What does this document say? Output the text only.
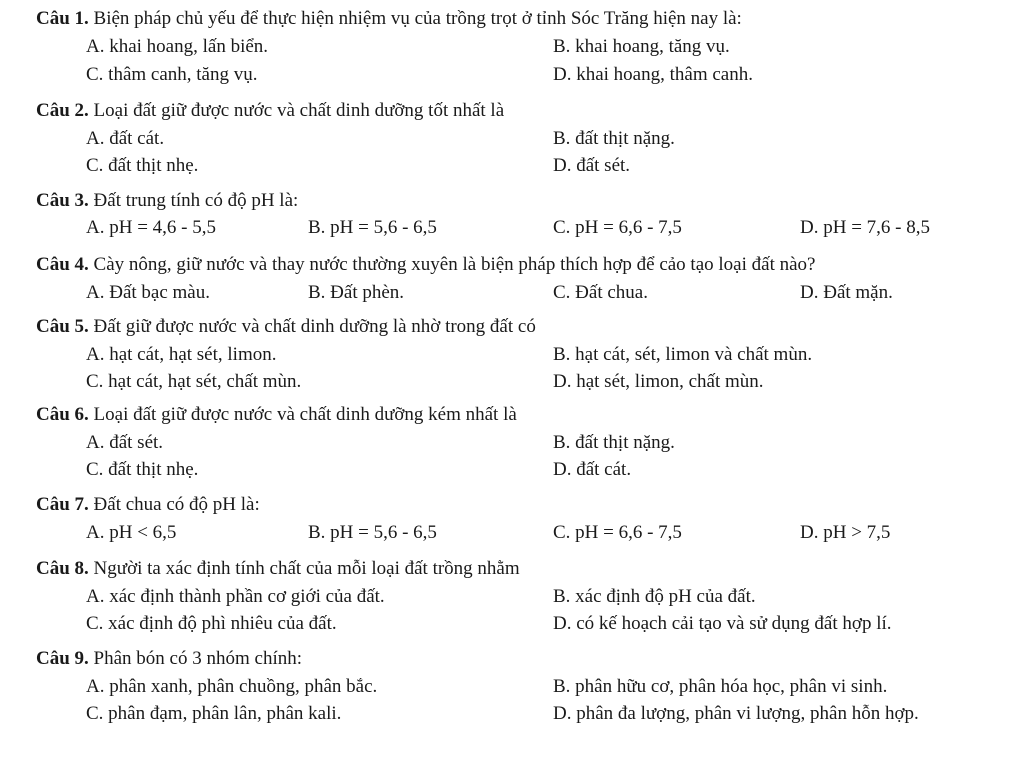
Câu 1. Biện pháp chủ yếu để thực hiện nhiệm vụ của trồng trọt ở tỉnh Sóc Trăng hiện nay là:
A. khai hoang, lấn biển.	B. khai hoang, tăng vụ.
C. thâm canh, tăng vụ.	D. khai hoang, thâm canh.
Câu 2. Loại đất giữ được nước và chất dinh dưỡng tốt nhất là
A. đất cát.	B. đất thịt nặng.
C. đất thịt nhẹ.	D. đất sét.
Câu 3. Đất trung tính có độ pH là:
A. pH = 4,6 - 5,5	B. pH = 5,6 - 6,5	C. pH = 6,6 - 7,5	D. pH = 7,6 - 8,5
Câu 4. Cày nông, giữ nước và thay nước thường xuyên là biện pháp thích hợp để cảo tạo loại đất nào?
A. Đất bạc màu.	B. Đất phèn.	C. Đất chua.	D. Đất mặn.
Câu 5. Đất giữ được nước và chất dinh dưỡng là nhờ trong đất có
A. hạt cát, hạt sét, limon.	B. hạt cát, sét, limon và chất mùn.
C. hạt cát, hạt sét, chất mùn.	D. hạt sét, limon, chất mùn.
Câu 6. Loại đất giữ được nước và chất dinh dưỡng kém nhất là
A. đất sét.	B. đất thịt nặng.
C. đất thịt nhẹ.	D. đất cát.
Câu 7. Đất chua có độ pH là:
A. pH < 6,5	B. pH = 5,6 - 6,5	C. pH = 6,6 - 7,5	D. pH > 7,5
Câu 8. Người ta xác định tính chất của mỗi loại đất trồng nhằm
A. xác định thành phần cơ giới của đất.	B. xác định độ pH của đất.
C. xác định độ phì nhiêu của đất.	D. có kế hoạch cải tạo và sử dụng đất hợp lí.
Câu 9. Phân bón có 3 nhóm chính:
A. phân xanh, phân chuồng, phân bắc.	B. phân hữu cơ, phân hóa học, phân vi sinh.
C. phân đạm, phân lân, phân kali.	D. phân đa lượng, phân vi lượng, phân hỗn hợp.
